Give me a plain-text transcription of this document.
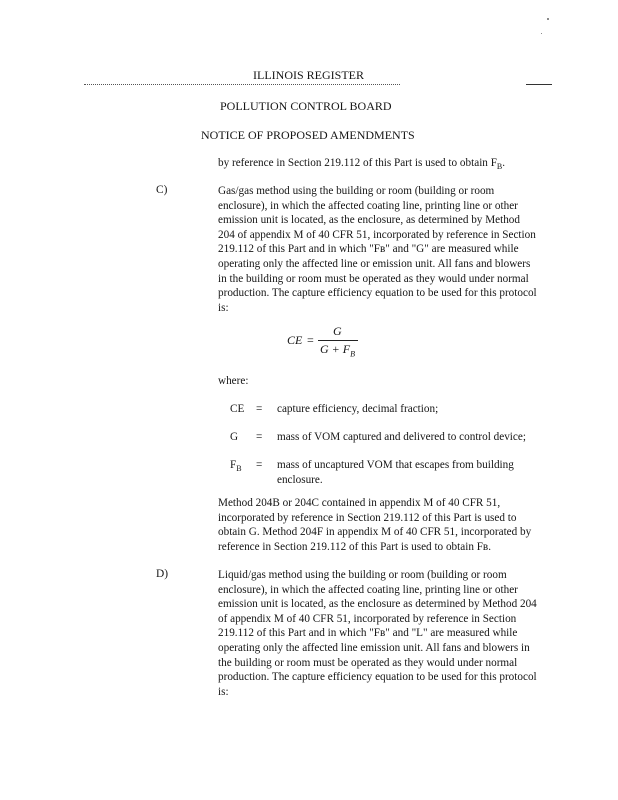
ILLINOIS REGISTER
POLLUTION CONTROL BOARD
NOTICE OF PROPOSED AMENDMENTS
by reference in Section 219.112 of this Part is used to obtain $F_B$.
C)	Gas/gas method using the building or room (building or room enclosure), in which the affected coating line, printing line or other emission unit is located, as the enclosure, as determined by Method 204 of appendix M of 40 CFR 51, incorporated by reference in Section 219.112 of this Part and in which "Fʙ" and "G" are measured while operating only the affected line or emission unit. All fans and blowers in the building or room must be operated as they would under normal production. The capture efficiency equation to be used for this protocol is:
CE =
G
$G + F_B$
where:
CE = capture efficiency, decimal fraction;
G = mass of VOM captured and delivered to control device;
$F_B$ = mass of uncaptured VOM that escapes from building enclosure.
Method 204B or 204C contained in appendix M of 40 CFR 51, incorporated by reference in Section 219.112 of this Part is used to obtain G. Method 204F in appendix M of 40 CFR 51, incorporated by reference in Section 219.112 of this Part is used to obtain Fʙ.
D)	Liquid/gas method using the building or room (building or room enclosure), in which the affected coating line, printing line or other emission unit is located, as the enclosure as determined by Method 204 of appendix M of 40 CFR 51, incorporated by reference in Section 219.112 of this Part and in which "Fʙ" and "L" are measured while operating only the affected line emission unit. All fans and blowers in the building or room must be operated as they would under normal production. The capture efficiency equation to be used for this protocol is:
